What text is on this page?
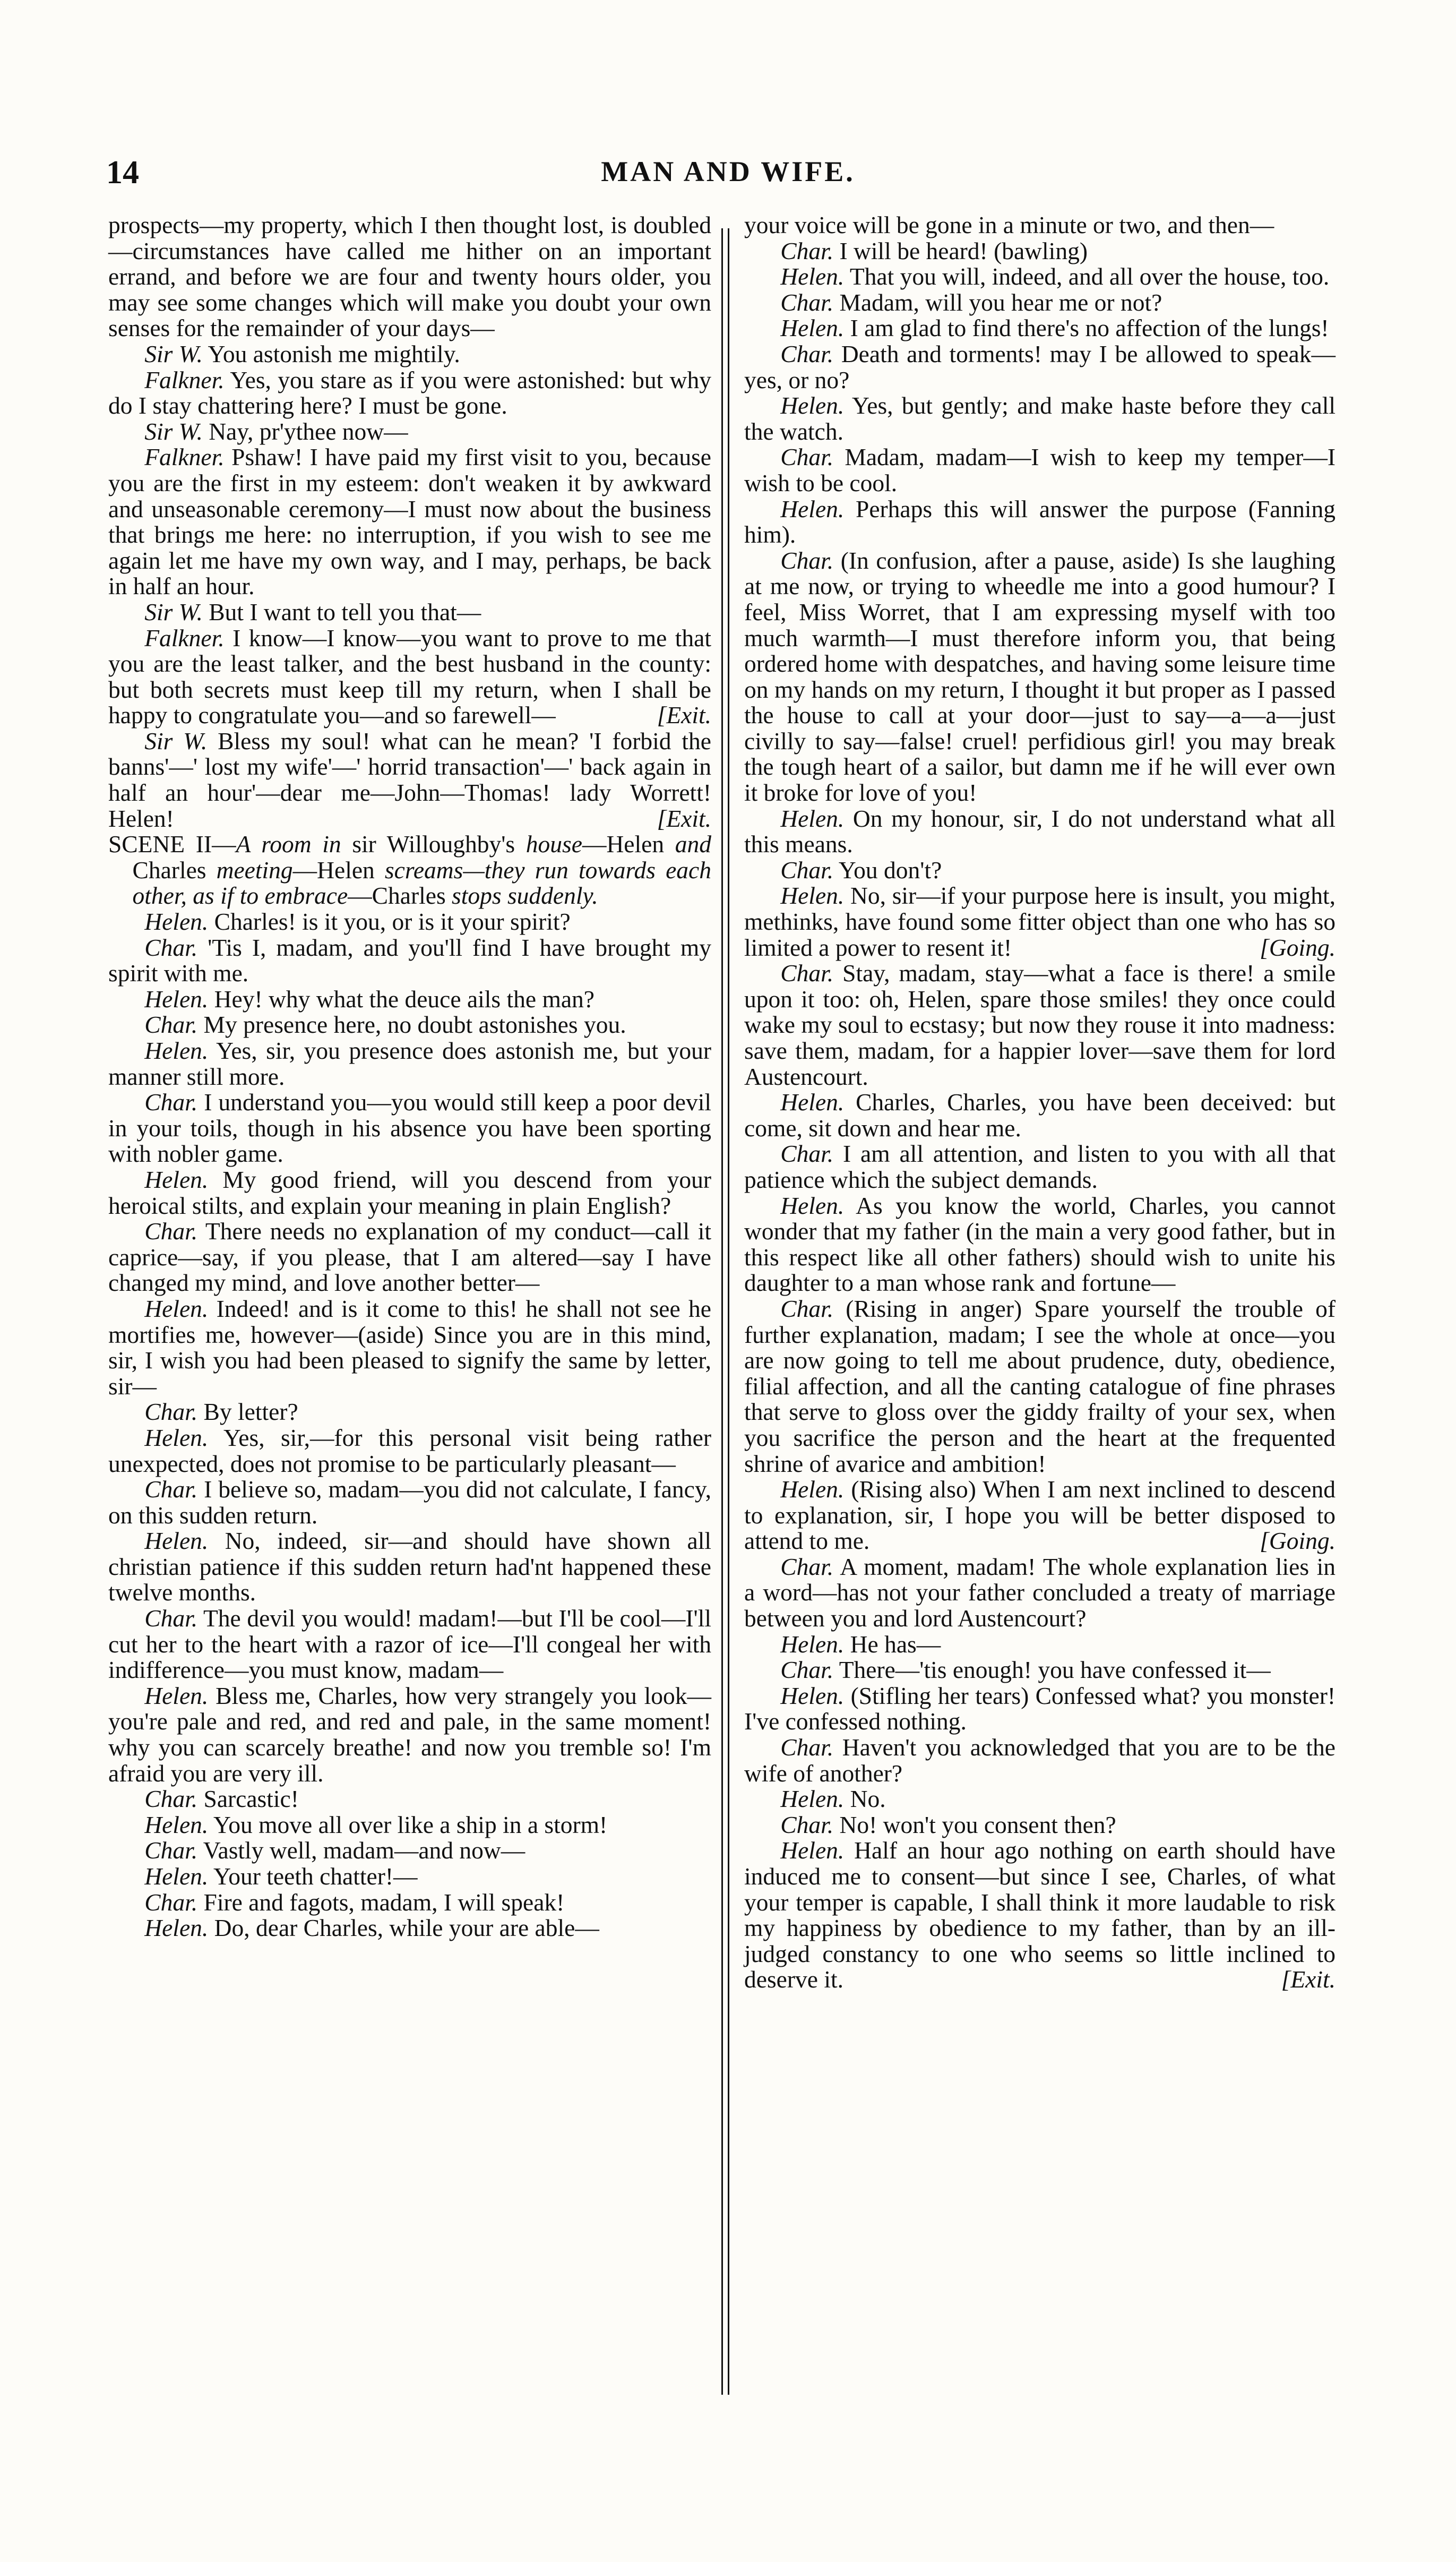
14	MAN AND WIFE.

prospects—my property, which I then thought lost, is doubled—circumstances have called me hither on an important errand, and before we are four and twenty hours older, you may see some changes which will make you doubt your own senses for the remainder of your days—

Sir W. You astonish me mightily.

Falkner. Yes, you stare as if you were astonished: but why do I stay chattering here? I must be gone.

Sir W. Nay, pr'ythee now—

Falkner. Pshaw! I have paid my first visit to you, because you are the first in my esteem: don't weaken it by awkward and unseasonable ceremony—I must now about the business that brings me here: no interruption, if you wish to see me again let me have my own way, and I may, perhaps, be back in half an hour.

Sir W. But I want to tell you that—

Falkner. I know—I know—you want to prove to me that you are the least talker, and the best husband in the county: but both secrets must keep till my return, when I shall be happy to congratulate you—and so farewell—	[Exit.

Sir W. Bless my soul! what can he mean? 'I forbid the banns'—' lost my wife'—' horrid transaction'—' back again in half an hour'—dear me—John—Thomas! lady Worrett! Helen!	[Exit.

SCENE II—A room in sir Willoughby's house—Helen and Charles meeting—Helen screams—they run towards each other, as if to embrace—Charles stops suddenly.

Helen. Charles! is it you, or is it your spirit?

Char. 'Tis I, madam, and you'll find I have brought my spirit with me.

Helen. Hey! why what the deuce ails the man?

Char. My presence here, no doubt astonishes you.

Helen. Yes, sir, you presence does astonish me, but your manner still more.

Char. I understand you—you would still keep a poor devil in your toils, though in his absence you have been sporting with nobler game.

Helen. My good friend, will you descend from your heroical stilts, and explain your meaning in plain English?

Char. There needs no explanation of my conduct—call it caprice—say, if you please, that I am altered—say I have changed my mind, and love another better—

Helen. Indeed! and is it come to this! he shall not see he mortifies me, however—(aside) Since you are in this mind, sir, I wish you had been pleased to signify the same by letter, sir—

Char. By letter?

Helen. Yes, sir,—for this personal visit being rather unexpected, does not promise to be particularly pleasant—

Char. I believe so, madam—you did not calculate, I fancy, on this sudden return.

Helen. No, indeed, sir—and should have shown all christian patience if this sudden return had'nt happened these twelve months.

Char. The devil you would! madam!—but I'll be cool—I'll cut her to the heart with a razor of ice—I'll congeal her with indifference—you must know, madam—

Helen. Bless me, Charles, how very strangely you look—you're pale and red, and red and pale, in the same moment! why you can scarcely breathe! and now you tremble so! I'm afraid you are very ill.

Char. Sarcastic!

Helen. You move all over like a ship in a storm!

Char. Vastly well, madam—and now—

Helen. Your teeth chatter!—

Char. Fire and fagots, madam, I will speak!

Helen. Do, dear Charles, while your are able—

your voice will be gone in a minute or two, and then—

Char. I will be heard! (bawling)

Helen. That you will, indeed, and all over the house, too.

Char. Madam, will you hear me or not?

Helen. I am glad to find there's no affection of the lungs!

Char. Death and torments! may I be allowed to speak—yes, or no?

Helen. Yes, but gently; and make haste before they call the watch.

Char. Madam, madam—I wish to keep my temper—I wish to be cool.

Helen. Perhaps this will answer the purpose (Fanning him).

Char. (In confusion, after a pause, aside) Is she laughing at me now, or trying to wheedle me into a good humour? I feel, Miss Worret, that I am expressing myself with too much warmth—I must therefore inform you, that being ordered home with despatches, and having some leisure time on my hands on my return, I thought it but proper as I passed the house to call at your door—just to say—a—a—just civilly to say—false! cruel! perfidious girl! you may break the tough heart of a sailor, but damn me if he will ever own it broke for love of you!

Helen. On my honour, sir, I do not understand what all this means.

Char. You don't?

Helen. No, sir—if your purpose here is insult, you might, methinks, have found some fitter object than one who has so limited a power to resent it!	[Going.

Char. Stay, madam, stay—what a face is there! a smile upon it too: oh, Helen, spare those smiles! they once could wake my soul to ecstasy; but now they rouse it into madness: save them, madam, for a happier lover—save them for lord Austencourt.

Helen. Charles, Charles, you have been deceived: but come, sit down and hear me.

Char. I am all attention, and listen to you with all that patience which the subject demands.

Helen. As you know the world, Charles, you cannot wonder that my father (in the main a very good father, but in this respect like all other fathers) should wish to unite his daughter to a man whose rank and fortune—

Char. (Rising in anger) Spare yourself the trouble of further explanation, madam; I see the whole at once—you are now going to tell me about prudence, duty, obedience, filial affection, and all the canting catalogue of fine phrases that serve to gloss over the giddy frailty of your sex, when you sacrifice the person and the heart at the frequented shrine of avarice and ambition!

Helen. (Rising also) When I am next inclined to descend to explanation, sir, I hope you will be better disposed to attend to me.	[Going.

Char. A moment, madam! The whole explanation lies in a word—has not your father concluded a treaty of marriage between you and lord Austencourt?

Helen. He has—

Char. There—'tis enough! you have confessed it—

Helen. (Stifling her tears) Confessed what? you monster! I've confessed nothing.

Char. Haven't you acknowledged that you are to be the wife of another?

Helen. No.

Char. No! won't you consent then?

Helen. Half an hour ago nothing on earth should have induced me to consent—but since I see, Charles, of what your temper is capable, I shall think it more laudable to risk my happiness by obedience to my father, than by an ill-judged constancy to one who seems so little inclined to deserve it.	[Exit.
